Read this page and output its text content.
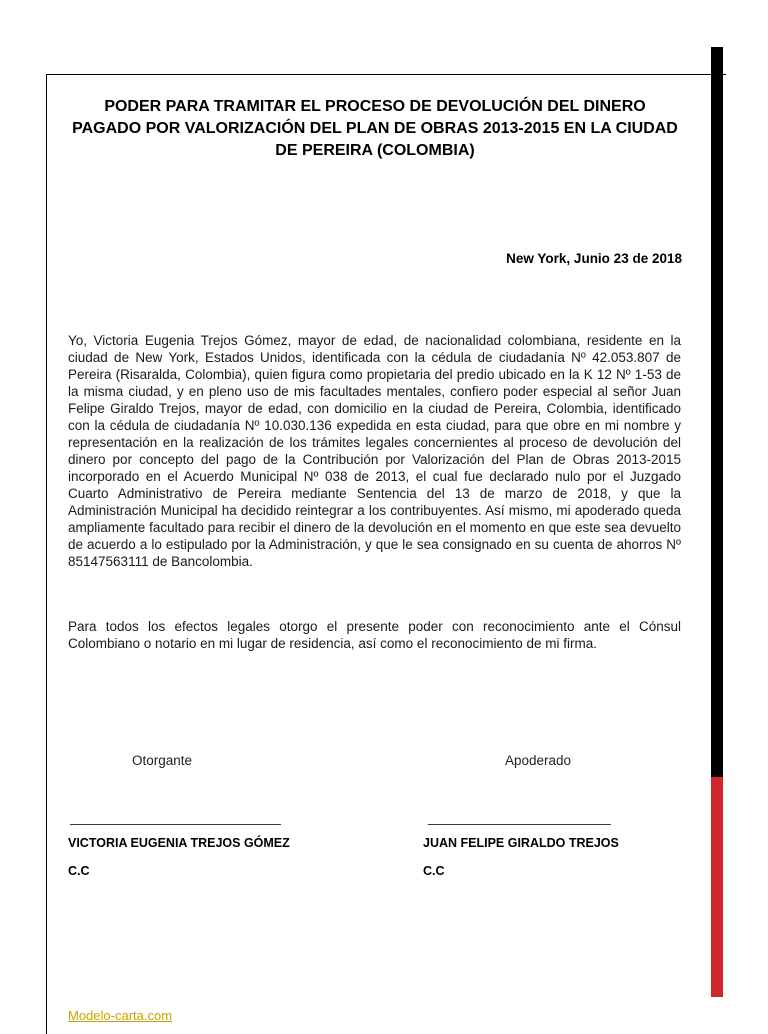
PODER PARA TRAMITAR EL PROCESO DE DEVOLUCIÓN DEL DINERO PAGADO POR VALORIZACIÓN DEL PLAN DE OBRAS 2013-2015 EN LA CIUDAD DE PEREIRA (COLOMBIA)
New York, Junio 23 de 2018
Yo, Victoria Eugenia Trejos Gómez, mayor de edad, de nacionalidad colombiana, residente en la ciudad de New York, Estados Unidos, identificada con la cédula de ciudadanía Nº 42.053.807 de Pereira (Risaralda, Colombia), quien figura como propietaria del predio ubicado en la K 12 Nº 1-53 de la misma ciudad, y en pleno uso de mis facultades mentales, confiero poder especial al señor Juan Felipe Giraldo Trejos, mayor de edad, con domicilio en la ciudad de Pereira, Colombia, identificado con la cédula de ciudadanía Nº 10.030.136 expedida en esta ciudad, para que obre en mi nombre y representación en la realización de los trámites legales concernientes al proceso de devolución del dinero por concepto del pago de la Contribución por Valorización del Plan de Obras 2013-2015 incorporado en el Acuerdo Municipal Nº 038 de 2013, el cual fue declarado nulo por el Juzgado Cuarto Administrativo de Pereira mediante Sentencia del 13 de marzo de 2018, y que la Administración Municipal ha decidido reintegrar a los contribuyentes. Así mismo, mi apoderado queda ampliamente facultado para recibir el dinero de la devolución en el momento en que este sea devuelto de acuerdo a lo estipulado por la Administración, y que le sea consignado en su cuenta de ahorros Nº 85147563111 de Bancolombia.
Para todos los efectos legales otorgo el presente poder con reconocimiento ante el Cónsul Colombiano o notario en mi lugar de residencia, así como el reconocimiento de mi firma.
Otorgante	Apoderado
______________________________	__________________________
VICTORIA EUGENIA TREJOS GÓMEZ	JUAN FELIPE GIRALDO TREJOS
C.C	C.C
Modelo-carta.com
